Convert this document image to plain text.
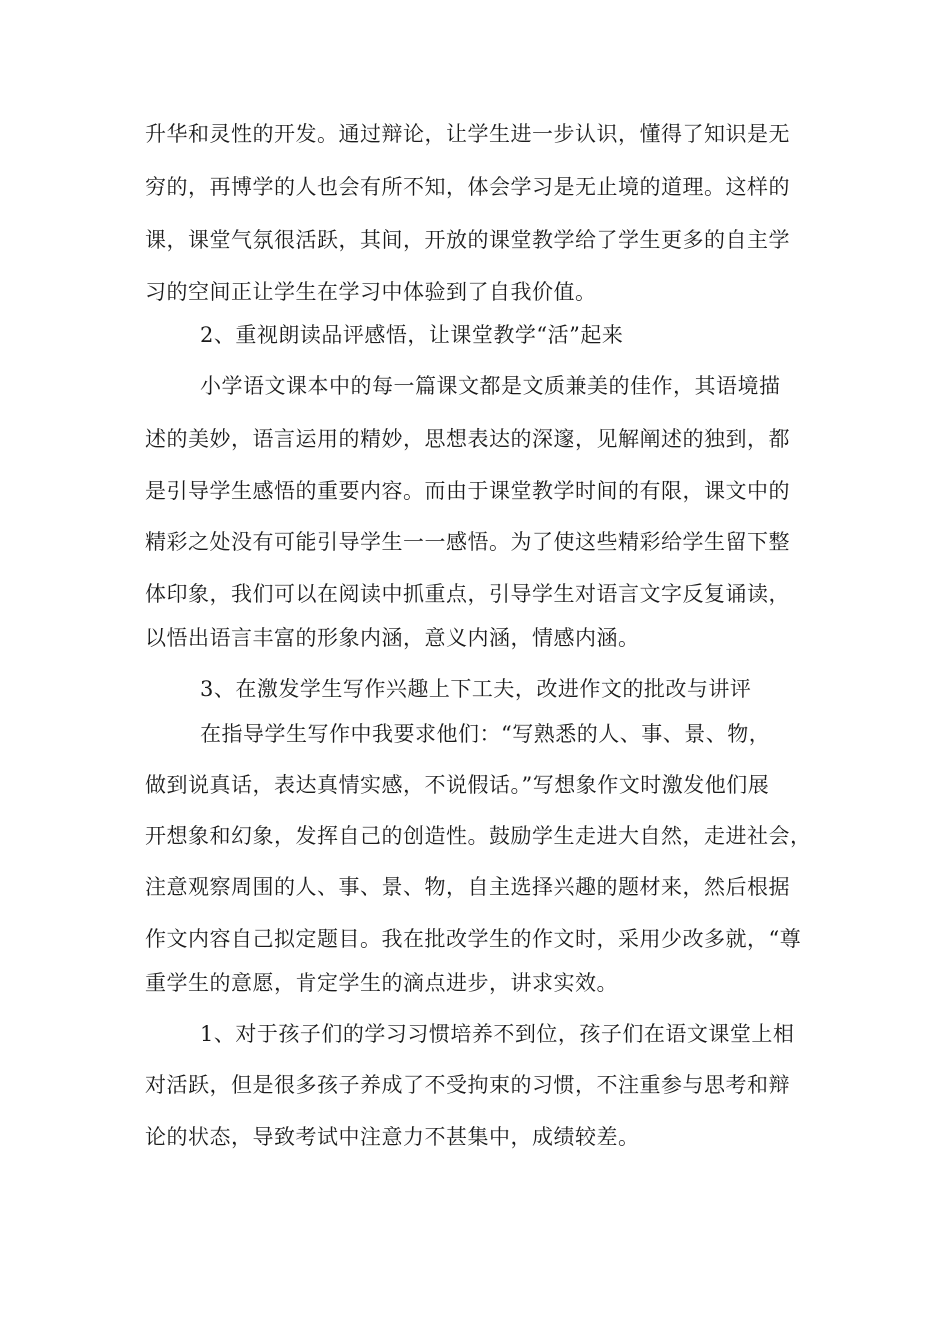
升华和灵性的开发。通过辩论，让学生进一步认识，懂得了知识是无
穷的，再博学的人也会有所不知，体会学习是无止境的道理。这样的
课，课堂气氛很活跃，其间，开放的课堂教学给了学生更多的自主学
习的空间正让学生在学习中体验到了自我价值。
2、重视朗读品评感悟，让课堂教学“活”起来
小学语文课本中的每一篇课文都是文质兼美的佳作，其语境描
述的美妙，语言运用的精妙，思想表达的深邃，见解阐述的独到，都
是引导学生感悟的重要内容。而由于课堂教学时间的有限，课文中的
精彩之处没有可能引导学生一一感悟。为了使这些精彩给学生留下整
体印象，我们可以在阅读中抓重点，引导学生对语言文字反复诵读，
以悟出语言丰富的形象内涵，意义内涵，情感内涵。
3、在激发学生写作兴趣上下工夫，改进作文的批改与讲评
在指导学生写作中我要求他们：“写熟悉的人、事、景、物，
做到说真话，表达真情实感，不说假话。”写想象作文时激发他们展
开想象和幻象，发挥自己的创造性。鼓励学生走进大自然，走进社会，
注意观察周围的人、事、景、物，自主选择兴趣的题材来，然后根据
作文内容自己拟定题目。我在批改学生的作文时，采用少改多就，“尊
重学生的意愿，肯定学生的滴点进步，讲求实效。
1、对于孩子们的学习习惯培养不到位，孩子们在语文课堂上相
对活跃，但是很多孩子养成了不受拘束的习惯，不注重参与思考和辩
论的状态，导致考试中注意力不甚集中，成绩较差。
